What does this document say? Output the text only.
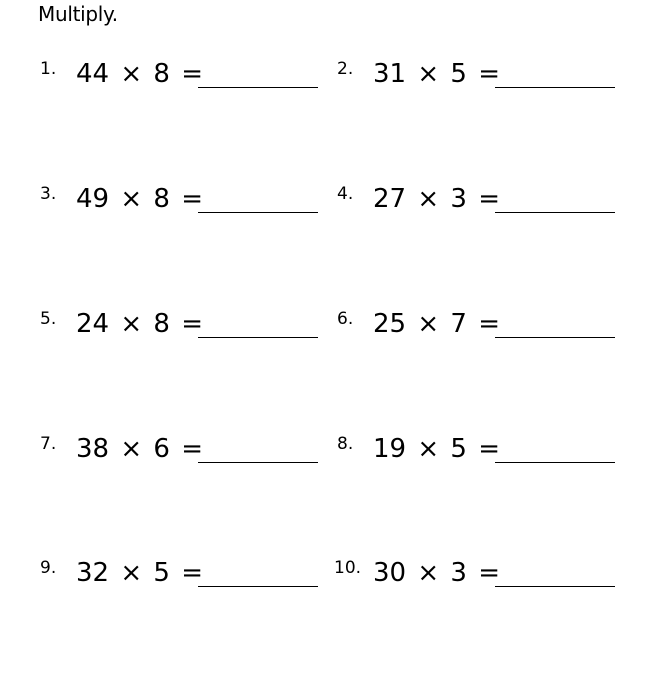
Multiply.
1. 44 × 8 =	2. 31 × 5 =
3. 49 × 8 =	4. 27 × 3 =
5. 24 × 8 =	6. 25 × 7 =
7. 38 × 6 =	8. 19 × 5 =
9. 32 × 5 =	10. 30 × 3 =
